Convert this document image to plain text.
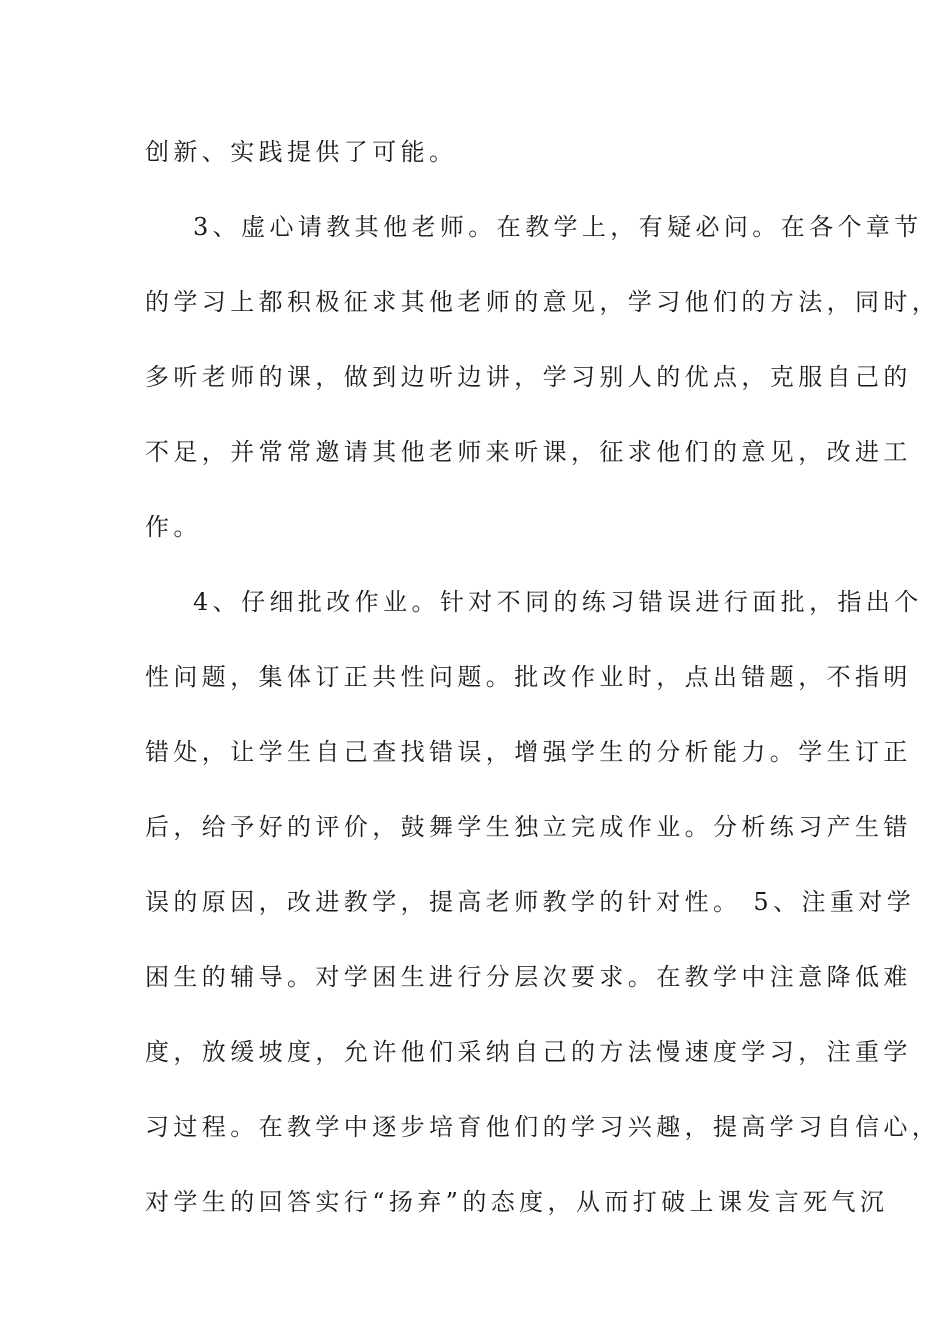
创新、实践提供了可能。
3、虚心请教其他老师。在教学上，有疑必问。在各个章节
的学习上都积极征求其他老师的意见，学习他们的方法，同时，
多听老师的课，做到边听边讲，学习别人的优点，克服自己的
不足，并常常邀请其他老师来听课，征求他们的意见，改进工
作。
4、仔细批改作业。针对不同的练习错误进行面批，指出个
性问题，集体订正共性问题。批改作业时，点出错题，不指明
错处，让学生自己查找错误，增强学生的分析能力。学生订正
后，给予好的评价，鼓舞学生独立完成作业。分析练习产生错
误的原因，改进教学，提高老师教学的针对性。 5、注重对学
困生的辅导。对学困生进行分层次要求。在教学中注意降低难
度，放缓坡度，允许他们采纳自己的方法慢速度学习，注重学
习过程。在教学中逐步培育他们的学习兴趣，提高学习自信心，
对学生的回答实行“扬弃”的态度，从而打破上课发言死气沉
